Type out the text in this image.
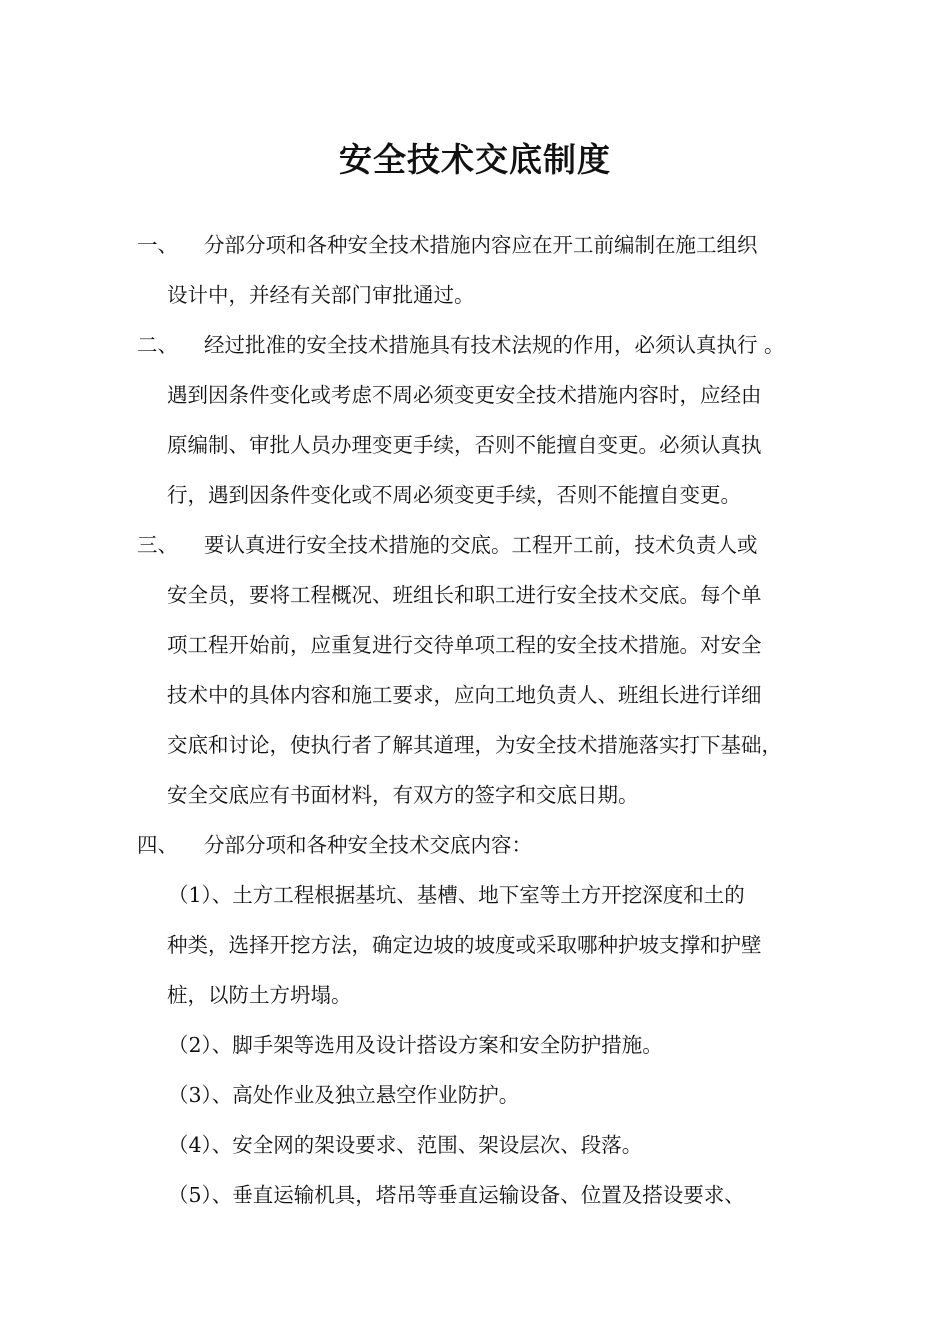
安全技术交底制度
一、 分部分项和各种安全技术措施内容应在开工前编制在施工组织
设计中，并经有关部门审批通过。
二、 经过批准的安全技术措施具有技术法规的作用，必须认真执行 。
遇到因条件变化或考虑不周必须变更安全技术措施内容时，应经由
原编制、审批人员办理变更手续，否则不能擅自变更。必须认真执
行，遇到因条件变化或不周必须变更手续，否则不能擅自变更。
三、 要认真进行安全技术措施的交底。工程开工前，技术负责人或
安全员，要将工程概况、班组长和职工进行安全技术交底。每个单
项工程开始前，应重复进行交待单项工程的安全技术措施。对安全
技术中的具体内容和施工要求，应向工地负责人、班组长进行详细
交底和讨论，使执行者了解其道理，为安全技术措施落实打下基础，
安全交底应有书面材料，有双方的签字和交底日期。
四、 分部分项和各种安全技术交底内容：
（1）、土方工程根据基坑、基槽、地下室等土方开挖深度和土的
种类，选择开挖方法，确定边坡的坡度或采取哪种护坡支撑和护壁
桩，以防土方坍塌。
（2）、脚手架等选用及设计搭设方案和安全防护措施。
（3）、高处作业及独立悬空作业防护。
（4）、安全网的架设要求、范围、架设层次、段落。
（5）、垂直运输机具，塔吊等垂直运输设备、位置及搭设要求、
